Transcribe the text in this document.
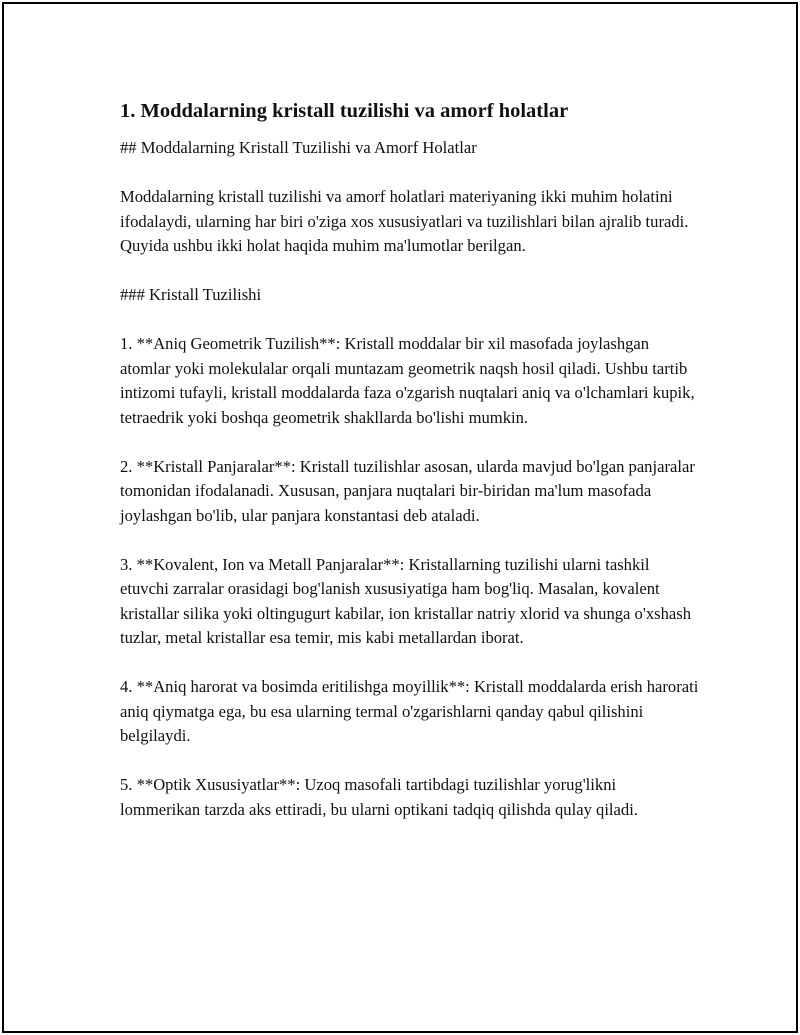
1. Moddalarning kristall tuzilishi va amorf holatlar

## Moddalarning Kristall Tuzilishi va Amorf Holatlar

Moddalarning kristall tuzilishi va amorf holatlari materiyaning ikki muhim holatini ifodalaydi, ularning har biri o'ziga xos xususiyatlari va tuzilishlari bilan ajralib turadi. Quyida ushbu ikki holat haqida muhim ma'lumotlar berilgan.

### Kristall Tuzilishi

1. **Aniq Geometrik Tuzilish**: Kristall moddalar bir xil masofada joylashgan atomlar yoki molekulalar orqali muntazam geometrik naqsh hosil qiladi. Ushbu tartib intizomi tufayli, kristall moddalarda faza o'zgarish nuqtalari aniq va o'lchamlari kupik, tetraedrik yoki boshqa geometrik shakllarda bo'lishi mumkin.

2. **Kristall Panjaralar**: Kristall tuzilishlar asosan, ularda mavjud bo'lgan panjaralar tomonidan ifodalanadi. Xususan, panjara nuqtalari bir-biridan ma'lum masofada joylashgan bo'lib, ular panjara konstantasi deb ataladi.

3. **Kovalent, Ion va Metall Panjaralar**: Kristallarning tuzilishi ularni tashkil etuvchi zarralar orasidagi bog'lanish xususiyatiga ham bog'liq. Masalan, kovalent kristallar silika yoki oltingugurt kabilar, ion kristallar natriy xlorid va shunga o'xshash tuzlar, metal kristallar esa temir, mis kabi metallardan iborat.

4. **Aniq harorat va bosimda eritilishga moyillik**: Kristall moddalarda erish harorati aniq qiymatga ega, bu esa ularning termal o'zgarishlarni qanday qabul qilishini belgilaydi.

5. **Optik Xususiyatlar**: Uzoq masofali tartibdagi tuzilishlar yorug'likni lommerikan tarzda aks ettiradi, bu ularni optikani tadqiq qilishda qulay qiladi.
